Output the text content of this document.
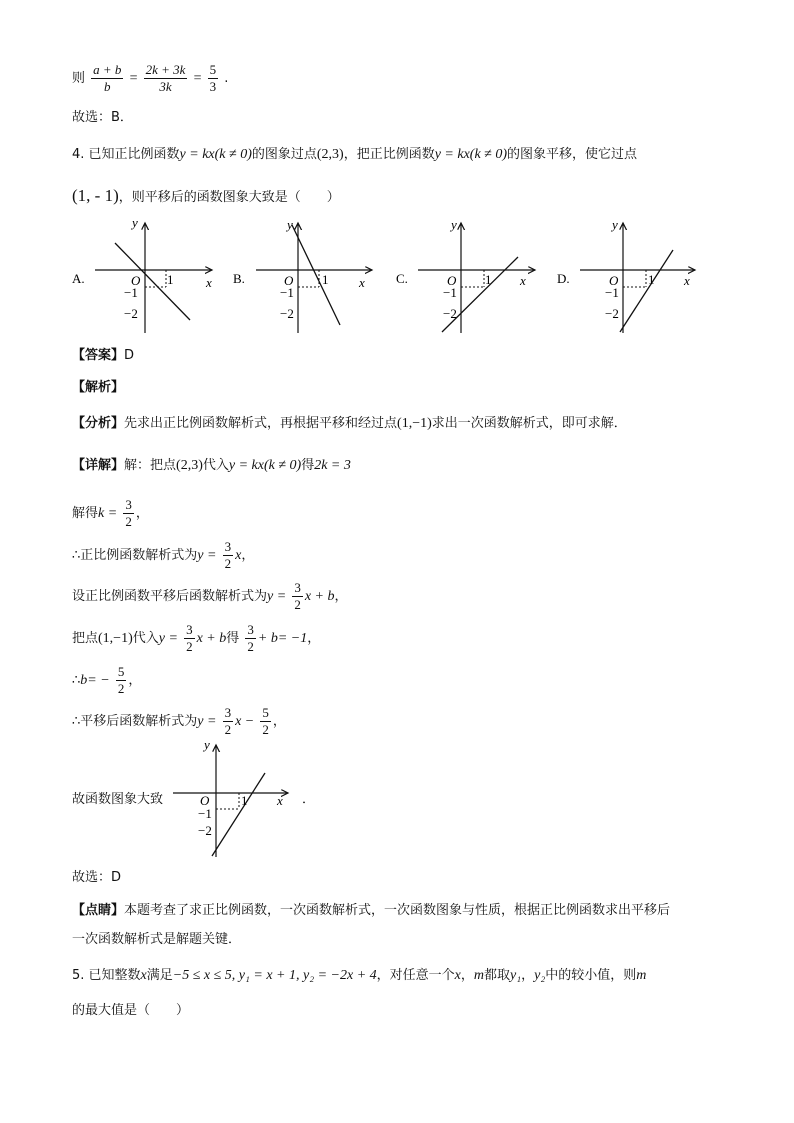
则 $\frac{a + b}{b} = \frac{2k + 3k}{3k} = \frac{5}{3}$ .
故选：B．
4. 已知正比例函数y = kx(k ≠ 0)的图象过点(2,3)，把正比例函数y = kx(k ≠ 0)的图象平移，使它过点
(1, - 1)，则平移后的函数图象大致是（　　）
y
x
O 1
−1
−2
A.
y
x
O 1
−1
−2
B.
y
x
O 1
−1
−2
C.
y
x
O 1
−1
−2
D.
【答案】D
【解析】
【分析】先求出正比例函数解析式，再根据平移和经过点(1,−1)求出一次函数解析式，即可求解．
【详解】解：把点(2,3)代入y = kx(k ≠ 0)得2k = 3
解得$k = \frac{3}{2}$ ，
∴正比例函数解析式为$y = \frac{3}{2}$ x，
设正比例函数平移后函数解析式为$y = \frac{3}{2}$ x + b，
把点(1,−1)代入$y = \frac{3}{2}$ x + b得 $\frac{3}{2} + b= -1$，
∴b= − $\frac{5}{2}$ ，
∴平移后函数解析式为$y = \frac{3}{2}$ $x - \frac{5}{2}$ ，
故函数图象大致
y
x
O 1
−1
−2
．
故选：D
【点睛】本题考查了求正比例函数，一次函数解析式，一次函数图象与性质，根据正比例函数求出平移后
一次函数解析式是解题关键．
5. 已知整数x满足−5 ≤ x ≤ 5, y₁ = x + 1, y₂ = −2x + 4，对任意一个x，m都取y₁，y₂中的较小值，则m
的最大值是（　　）
